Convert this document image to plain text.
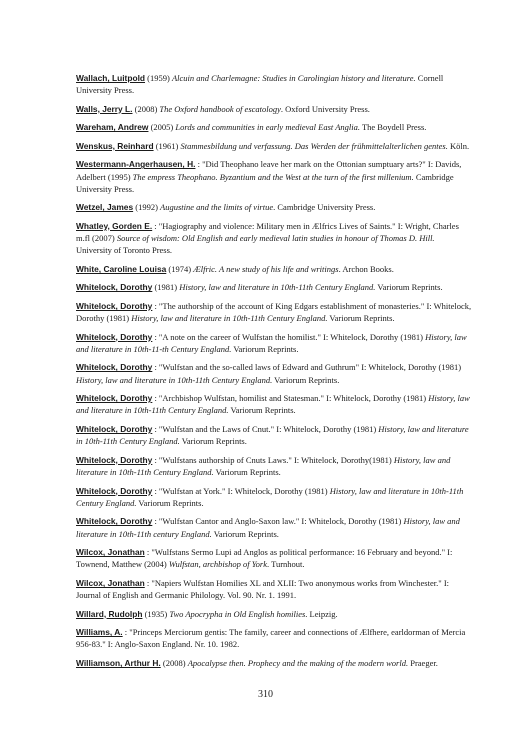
Wallach, Luitpold (1959) Alcuin and Charlemagne: Studies in Carolingian history and literature. Cornell University Press.
Walls, Jerry L. (2008) The Oxford handbook of escatology. Oxford University Press.
Wareham, Andrew (2005) Lords and communities in early medieval East Anglia. The Boydell Press.
Wenskus, Reinhard (1961) Stammesbildung und verfassung. Das Werden der frühmittelalterlichen gentes. Köln.
Westermann-Angerhausen, H. : "Did Theophano leave her mark on the Ottonian sumptuary arts?" I: Davids, Adelbert (1995) The empress Theophano. Byzantium and the West at the turn of the first millenium. Cambridge University Press.
Wetzel, James (1992) Augustine and the limits of virtue. Cambridge University Press.
Whatley, Gorden E. : "Hagiography and violence: Military men in Ælfrics Lives of Saints." I: Wright, Charles m.fl (2007) Source of wisdom: Old English and early medieval latin studies in honour of Thomas D. Hill. University of Toronto Press.
White, Caroline Louisa (1974) Ælfric. A new study of his life and writings. Archon Books.
Whitelock, Dorothy (1981) History, law and literature in 10th-11th Century England. Variorum Reprints.
Whitelock, Dorothy : "The authorship of the account of King Edgars establishment of monasteries." I: Whitelock, Dorothy (1981) History, law and literature in 10th-11th Century England. Variorum Reprints.
Whitelock, Dorothy : "A note on the career of Wulfstan the homilist." I: Whitelock, Dorothy (1981) History, law and literature in 10th-11-th Century England. Variorum Reprints.
Whitelock, Dorothy : "Wulfstan and the so-called laws of Edward and Guthrum" I: Whitelock, Dorothy (1981) History, law and literature in 10th-11th Century England. Variorum Reprints.
Whitelock, Dorothy : "Archbishop Wulfstan, homilist and Statesman." I: Whitelock, Dorothy (1981) History, law and literature in 10th-11th Century England. Variorum Reprints.
Whitelock, Dorothy : "Wulfstan and the Laws of Cnut." I: Whitelock, Dorothy (1981) History, law and literature in 10th-11th Century England. Variorum Reprints.
Whitelock, Dorothy : "Wulfstans authorship of Cnuts Laws." I: Whitelock, Dorothy(1981) History, law and literature in 10th-11th Century England. Variorum Reprints.
Whitelock, Dorothy : "Wulfstan at York." I: Whitelock, Dorothy (1981) History, law and literature in 10th-11th Century England. Variorum Reprints.
Whitelock, Dorothy : "Wulfstan Cantor and Anglo-Saxon law." I: Whitelock, Dorothy (1981) History, law and literature in 10th-11th century England. Variorum Reprints.
Wilcox, Jonathan : "Wulfstans Sermo Lupi ad Anglos as political performance: 16 February and beyond." I: Townend, Matthew (2004) Wulfstan, archbishop of York. Turnhout.
Wilcox, Jonathan : "Napiers Wulfstan Homilies XL and XLII: Two anonymous works from Winchester." I: Journal of English and Germanic Philology. Vol. 90. Nr. 1. 1991.
Willard, Rudolph (1935) Two Apocrypha in Old English homilies. Leipzig.
Williams, A. : "Princeps Merciorum gentis: The family, career and connections of Ælfhere, earldorman of Mercia 956-83." I: Anglo-Saxon England. Nr. 10. 1982.
Williamson, Arthur H. (2008) Apocalypse then. Prophecy and the making of the modern world. Praeger.
310
